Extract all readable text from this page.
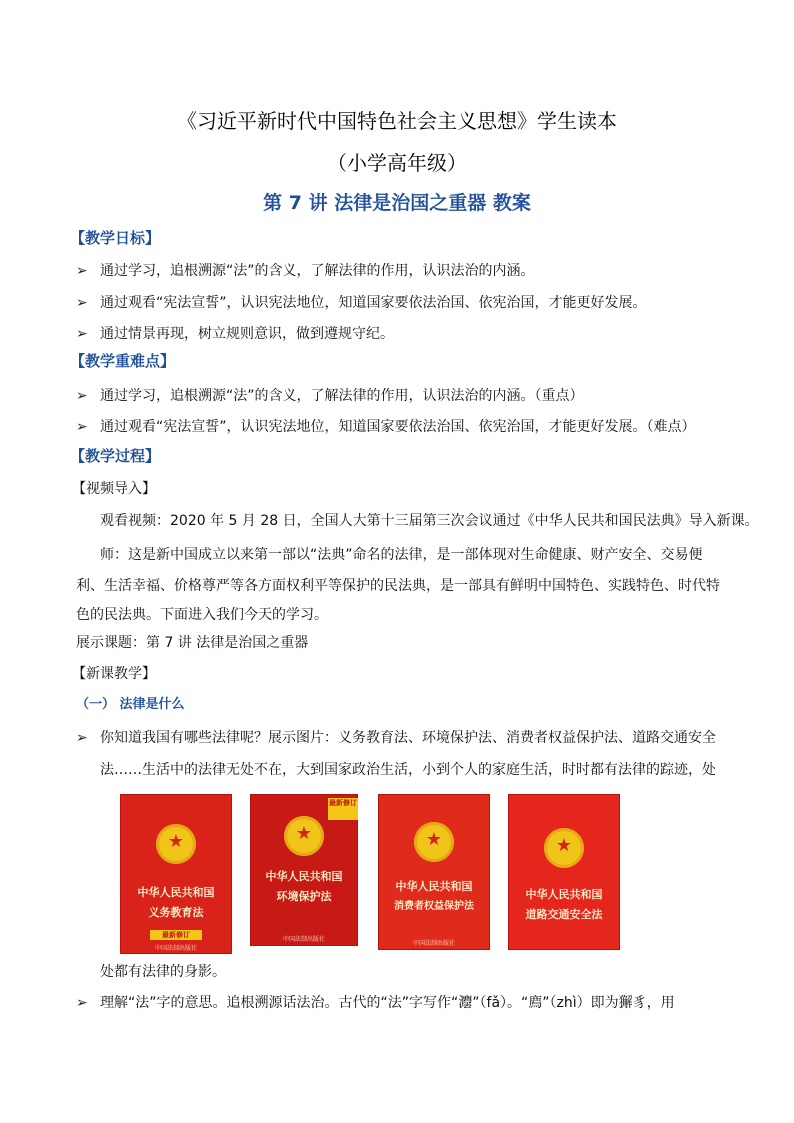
《习近平新时代中国特色社会主义思想》学生读本
（小学高年级）
第 7 讲 法律是治国之重器 教案
【教学日标】
➢ 通过学习，追根溯源“法”的含义，了解法律的作用，认识法治的内涵。
➢ 通过观看“宪法宣誓”，认识宪法地位，知道国家要依法治国、依宪治国，才能更好发展。
➢ 通过情景再现，树立规则意识，做到遵规守纪。
【教学重难点】
➢ 通过学习，追根溯源“法”的含义，了解法律的作用，认识法治的内涵。（重点）
➢ 通过观看“宪法宣誓”，认识宪法地位，知道国家要依法治国、依宪治国，才能更好发展。（难点）
【教学过程】
【视频导入】
观看视频：2020 年 5 月 28 日，全国人大第十三届第三次会议通过《中华人民共和国民法典》导入新课。
师：这是新中国成立以来第一部以“法典”命名的法律，是一部体现对生命健康、财产安全、交易便
利、生活幸福、价格尊严等各方面权利平等保护的民法典，是一部具有鲜明中国特色、实践特色、时代特
色的民法典。下面进入我们今天的学习。
展示课题：第 7 讲 法律是治国之重器
【新课教学】
（一） 法律是什么
➢ 你知道我国有哪些法律呢？展示图片：义务教育法、环境保护法、消费者权益保护法、道路交通安全
法……生活中的法律无处不在，大到国家政治生活，小到个人的家庭生活，时时都有法律的踪迹，处
★
中华人民共和国
义务教育法
最新修订
中国法制出版社
★
中华人民共和国
环境保护法
最新修订
中国法制出版社
★
中华人民共和国
消费者权益保护法
中国法制出版社
★
中华人民共和国
道路交通安全法
处都有法律的身影。
➢ 理解“法”字的意思。追根溯源话法治。古代的“法”字写作“灋”（fǎ）。“廌”（zhì）即为獬豸，用
